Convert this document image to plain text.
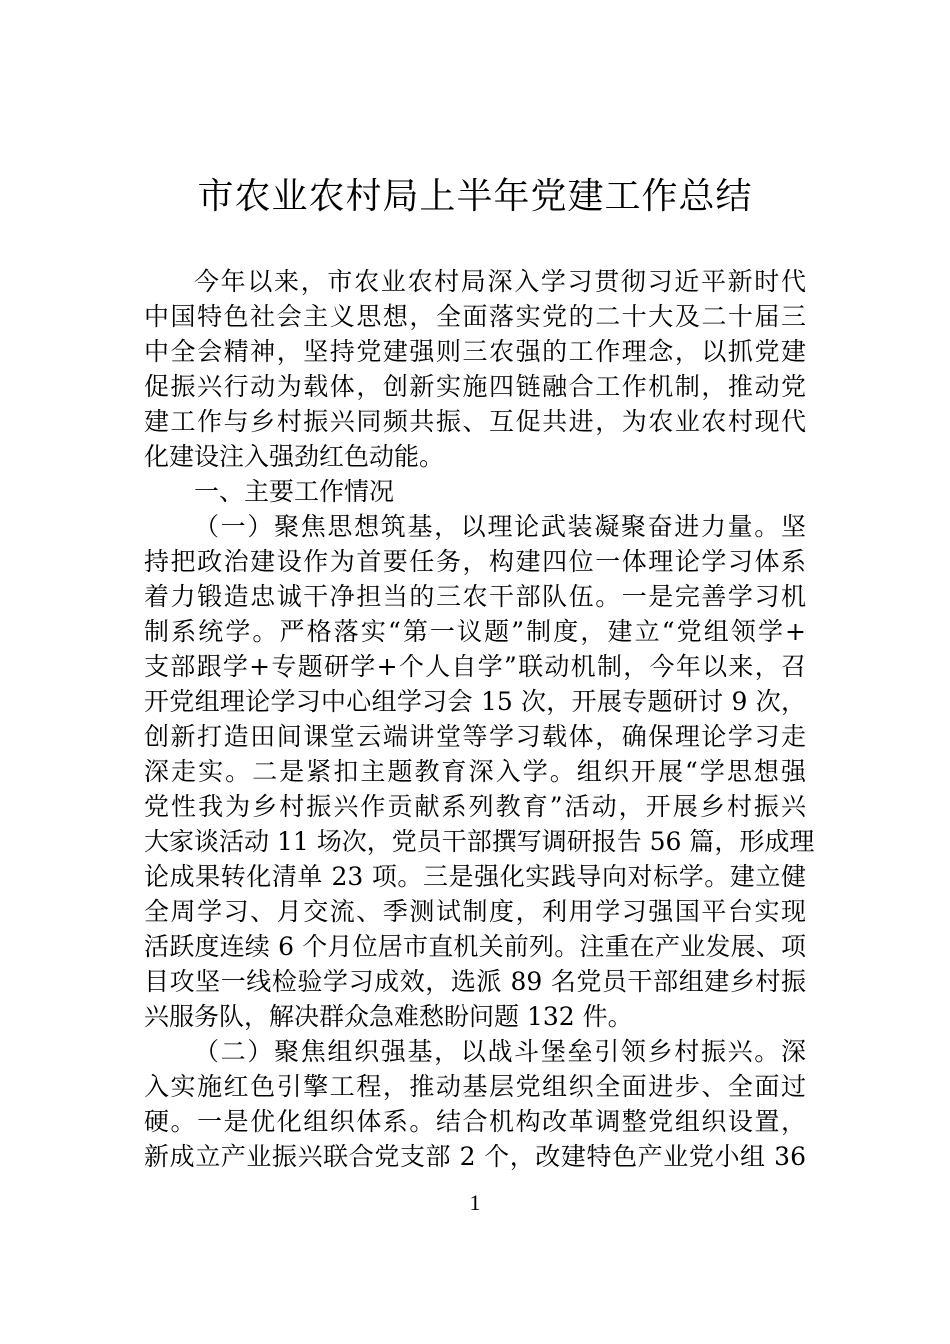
市农业农村局上半年党建工作总结

今年以来，市农业农村局深入学习贯彻习近平新时代

中国特色社会主义思想，全面落实党的二十大及二十届三

中全会精神，坚持党建强则三农强的工作理念，以抓党建

促振兴行动为载体，创新实施四链融合工作机制，推动党

建工作与乡村振兴同频共振、互促共进，为农业农村现代

化建设注入强劲红色动能。

一、主要工作情况

（一）聚焦思想筑基，以理论武装凝聚奋进力量。坚

持把政治建设作为首要任务，构建四位一体理论学习体系

着力锻造忠诚干净担当的三农干部队伍。一是完善学习机

制系统学。严格落实“第一议题”制度，建立“党组领学+

支部跟学+专题研学+个人自学”联动机制，今年以来，召

开党组理论学习中心组学习会 15 次，开展专题研讨 9 次，

创新打造田间课堂云端讲堂等学习载体，确保理论学习走

深走实。二是紧扣主题教育深入学。组织开展“学思想强

党性我为乡村振兴作贡献系列教育”活动，开展乡村振兴

大家谈活动 11 场次，党员干部撰写调研报告 56 篇，形成理

论成果转化清单 23 项。三是强化实践导向对标学。建立健

全周学习、月交流、季测试制度，利用学习强国平台实现

活跃度连续 6 个月位居市直机关前列。注重在产业发展、项

目攻坚一线检验学习成效，选派 89 名党员干部组建乡村振

兴服务队，解决群众急难愁盼问题 132 件。

（二）聚焦组织强基，以战斗堡垒引领乡村振兴。深

入实施红色引擎工程，推动基层党组织全面进步、全面过

硬。一是优化组织体系。结合机构改革调整党组织设置，

新成立产业振兴联合党支部 2 个，改建特色产业党小组 36

1
